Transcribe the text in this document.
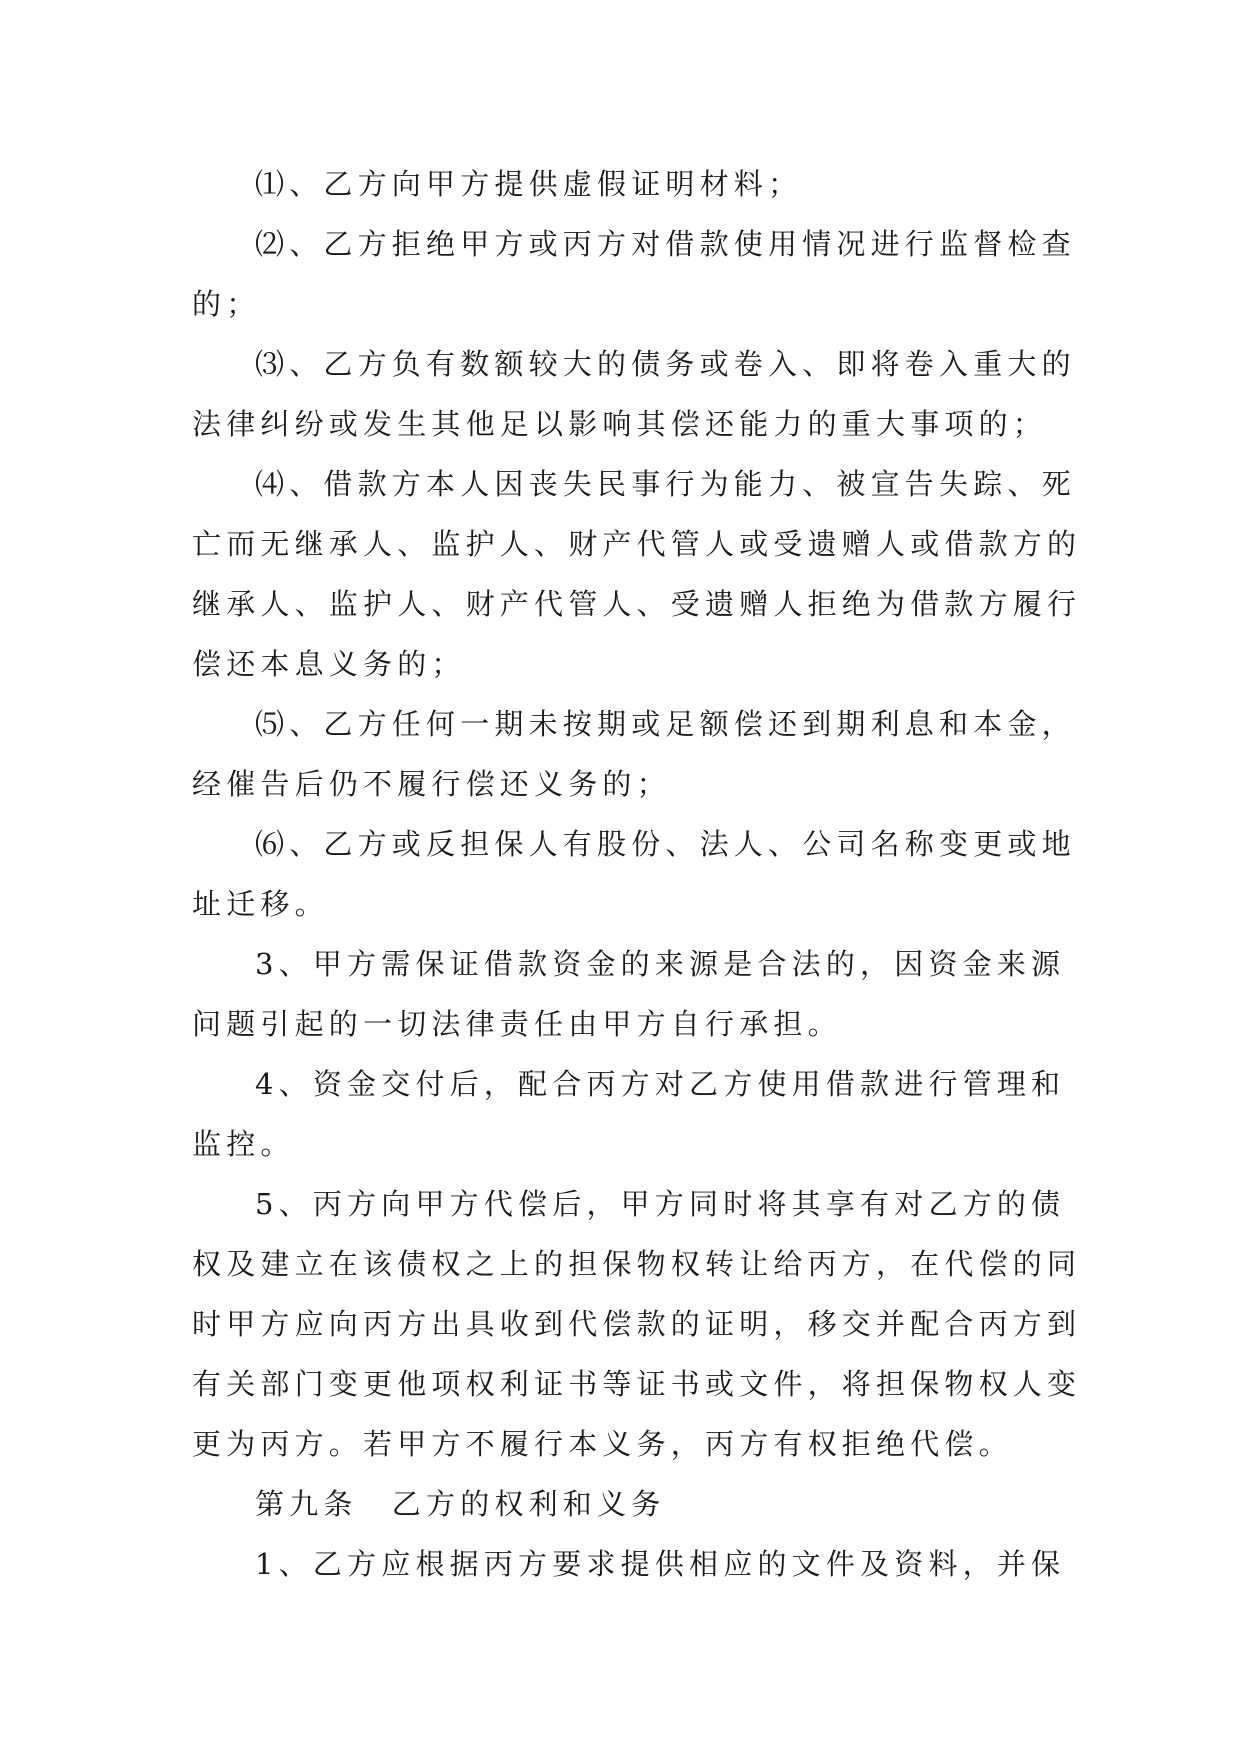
⑴、乙方向甲方提供虚假证明材料；
⑵、乙方拒绝甲方或丙方对借款使用情况进行监督检查
的；
⑶、乙方负有数额较大的债务或卷入、即将卷入重大的
法律纠纷或发生其他足以影响其偿还能力的重大事项的；
⑷、借款方本人因丧失民事行为能力、被宣告失踪、死
亡而无继承人、监护人、财产代管人或受遗赠人或借款方的
继承人、监护人、财产代管人、受遗赠人拒绝为借款方履行
偿还本息义务的；
⑸、乙方任何一期未按期或足额偿还到期利息和本金，
经催告后仍不履行偿还义务的；
⑹、乙方或反担保人有股份、法人、公司名称变更或地
址迁移。
3、甲方需保证借款资金的来源是合法的，因资金来源
问题引起的一切法律责任由甲方自行承担。
4、资金交付后，配合丙方对乙方使用借款进行管理和
监控。
5、丙方向甲方代偿后，甲方同时将其享有对乙方的债
权及建立在该债权之上的担保物权转让给丙方，在代偿的同
时甲方应向丙方出具收到代偿款的证明，移交并配合丙方到
有关部门变更他项权利证书等证书或文件，将担保物权人变
更为丙方。若甲方不履行本义务，丙方有权拒绝代偿。
第九条　乙方的权利和义务
1、乙方应根据丙方要求提供相应的文件及资料，并保
